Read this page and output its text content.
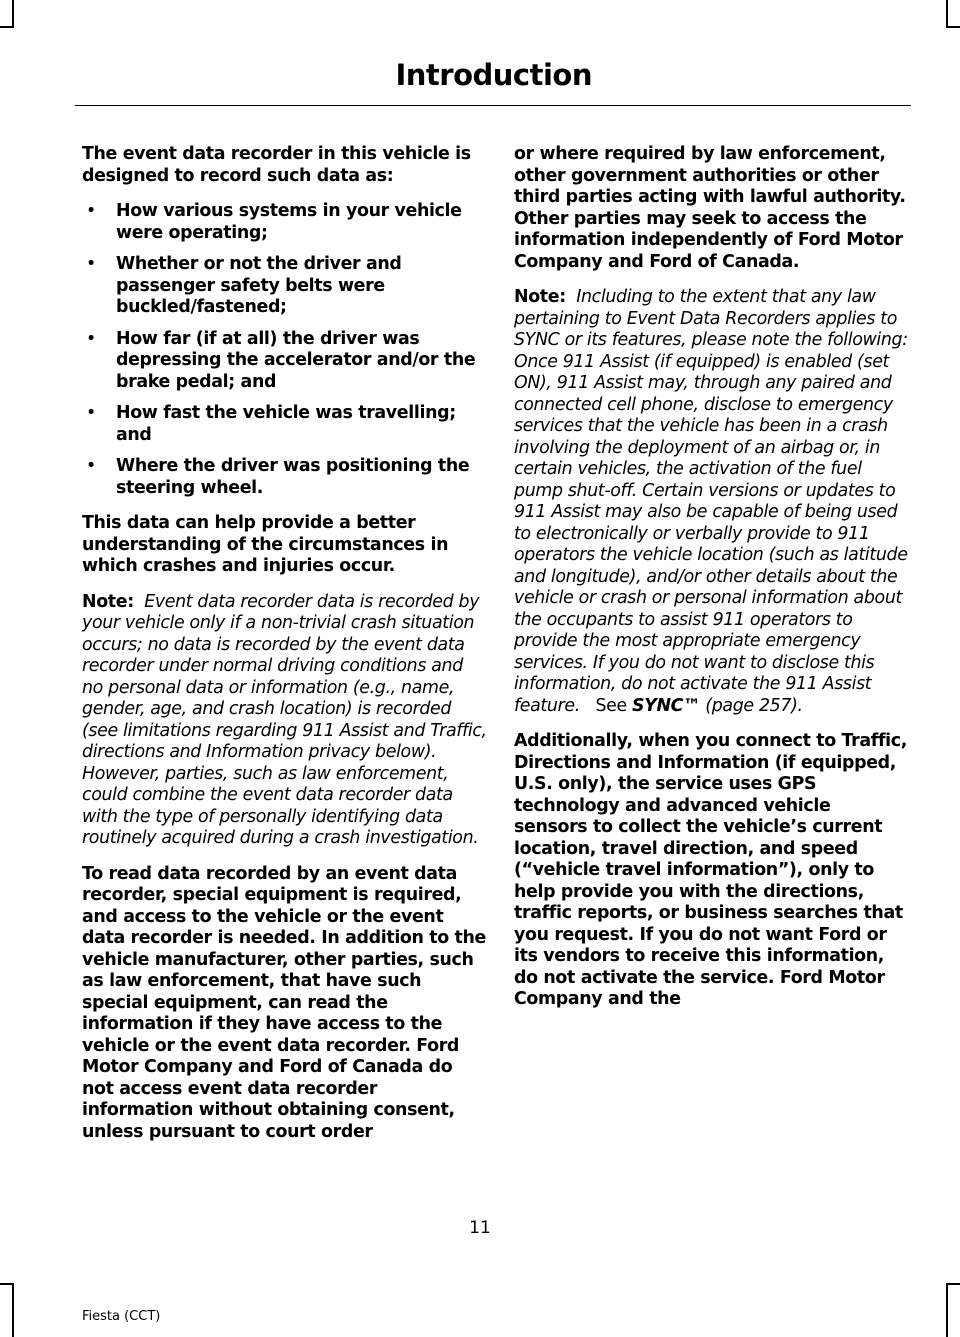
Introduction

The event data recorder in this vehicle is designed to record such data as:

• How various systems in your vehicle were operating;
• Whether or not the driver and passenger safety belts were buckled/fastened;
• How far (if at all) the driver was depressing the accelerator and/or the brake pedal; and
• How fast the vehicle was travelling; and
• Where the driver was positioning the steering wheel.

This data can help provide a better understanding of the circumstances in which crashes and injuries occur.

Note: Event data recorder data is recorded by your vehicle only if a non-trivial crash situation occurs; no data is recorded by the event data recorder under normal driving conditions and no personal data or information (e.g., name, gender, age, and crash location) is recorded (see limitations regarding 911 Assist and Traffic, directions and Information privacy below). However, parties, such as law enforcement, could combine the event data recorder data with the type of personally identifying data routinely acquired during a crash investigation.

To read data recorded by an event data recorder, special equipment is required, and access to the vehicle or the event data recorder is needed. In addition to the vehicle manufacturer, other parties, such as law enforcement, that have such special equipment, can read the information if they have access to the vehicle or the event data recorder. Ford Motor Company and Ford of Canada do not access event data recorder information without obtaining consent, unless pursuant to court order

or where required by law enforcement, other government authorities or other third parties acting with lawful authority. Other parties may seek to access the information independently of Ford Motor Company and Ford of Canada.

Note: Including to the extent that any law pertaining to Event Data Recorders applies to SYNC or its features, please note the following: Once 911 Assist (if equipped) is enabled (set ON), 911 Assist may, through any paired and connected cell phone, disclose to emergency services that the vehicle has been in a crash involving the deployment of an airbag or, in certain vehicles, the activation of the fuel pump shut-off. Certain versions or updates to 911 Assist may also be capable of being used to electronically or verbally provide to 911 operators the vehicle location (such as latitude and longitude), and/or other details about the vehicle or crash or personal information about the occupants to assist 911 operators to provide the most appropriate emergency services. If you do not want to disclose this information, do not activate the 911 Assist feature. See SYNC™ (page 257).

Additionally, when you connect to Traffic, Directions and Information (if equipped, U.S. only), the service uses GPS technology and advanced vehicle sensors to collect the vehicle’s current location, travel direction, and speed (“vehicle travel information”), only to help provide you with the directions, traffic reports, or business searches that you request. If you do not want Ford or its vendors to receive this information, do not activate the service. Ford Motor Company and the

11
Fiesta (CCT)
